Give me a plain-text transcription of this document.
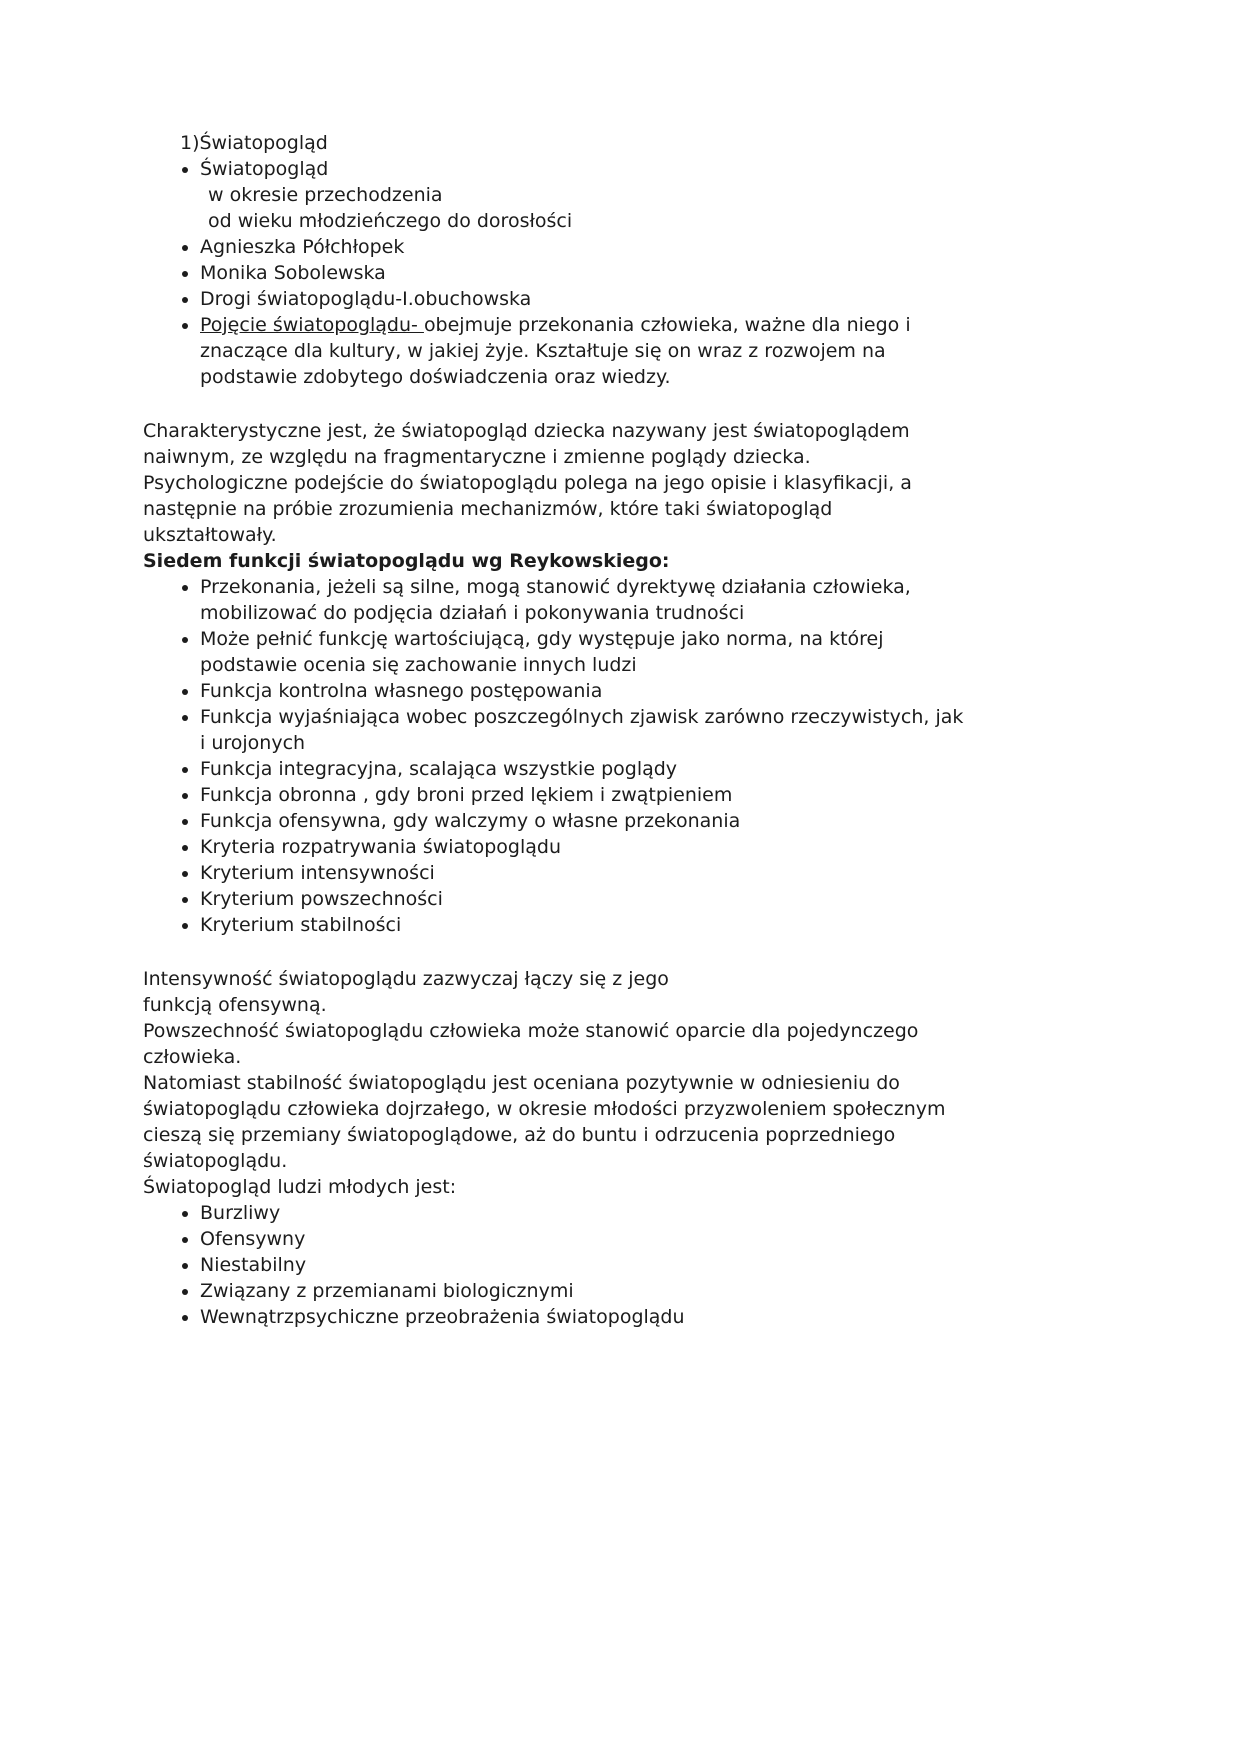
1)Światopogląd
• Światopogląd
w okresie przechodzenia
od wieku młodzieńczego do dorosłości
• Agnieszka Półchłopek
• Monika Sobolewska
• Drogi światopoglądu-I.obuchowska
• Pojęcie światopoglądu- obejmuje przekonania człowieka, ważne dla niego i znaczące dla kultury, w jakiej żyje. Kształtuje się on wraz z rozwojem na podstawie zdobytego doświadczenia oraz wiedzy.
Charakterystyczne jest, że światopogląd dziecka nazywany jest światopoglądem naiwnym, ze względu na fragmentaryczne i zmienne poglądy dziecka.
Psychologiczne podejście do światopoglądu polega na jego opisie i klasyfikacji, a następnie na próbie zrozumienia mechanizmów, które taki światopogląd ukształtowały.
Siedem funkcji światopoglądu wg Reykowskiego:
• Przekonania, jeżeli są silne, mogą stanowić dyrektywę działania człowieka, mobilizować do podjęcia działań i pokonywania trudności
• Może pełnić funkcję wartościującą, gdy występuje jako norma, na której podstawie ocenia się zachowanie innych ludzi
• Funkcja kontrolna własnego postępowania
• Funkcja wyjaśniająca wobec poszczególnych zjawisk zarówno rzeczywistych, jak i urojonych
• Funkcja integracyjna, scalająca wszystkie poglądy
• Funkcja obronna , gdy broni przed lękiem i zwątpieniem
• Funkcja ofensywna, gdy walczymy o własne przekonania
• Kryteria rozpatrywania światopoglądu
• Kryterium intensywności
• Kryterium powszechności
• Kryterium stabilności
Intensywność światopoglądu zazwyczaj łączy się z jego
funkcją ofensywną.
Powszechność światopoglądu człowieka może stanowić oparcie dla pojedynczego człowieka.
Natomiast stabilność światopoglądu jest oceniana pozytywnie w odniesieniu do światopoglądu człowieka dojrzałego, w okresie młodości przyzwoleniem społecznym cieszą się przemiany światopoglądowe, aż do buntu i odrzucenia poprzedniego światopoglądu.
Światopogląd ludzi młodych jest:
• Burzliwy
• Ofensywny
• Niestabilny
• Związany z przemianami biologicznymi
• Wewnątrzpsychiczne przeobrażenia światopoglądu
